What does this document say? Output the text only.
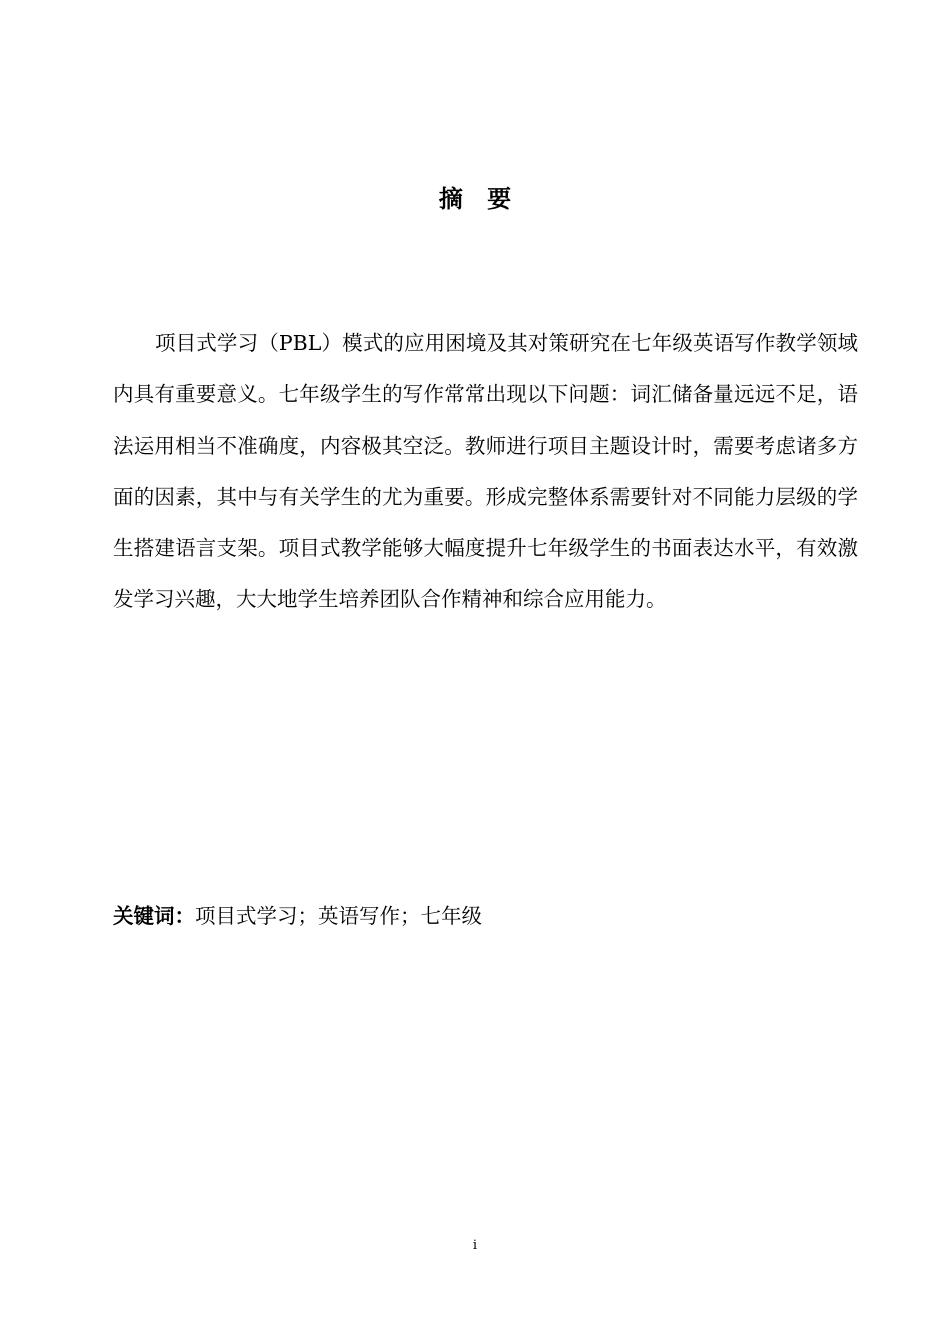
摘 要

项目式学习（PBL）模式的应用困境及其对策研究在七年级英语写作教学领域内具有重要意义。七年级学生的写作常常出现以下问题：词汇储备量远远不足，语法运用相当不准确度，内容极其空泛。教师进行项目主题设计时，需要考虑诸多方面的因素，其中与有关学生的尤为重要。形成完整体系需要针对不同能力层级的学生搭建语言支架。项目式教学能够大幅度提升七年级学生的书面表达水平，有效激发学习兴趣，大大地学生培养团队合作精神和综合应用能力。

关键词：项目式学习；英语写作；七年级

i
